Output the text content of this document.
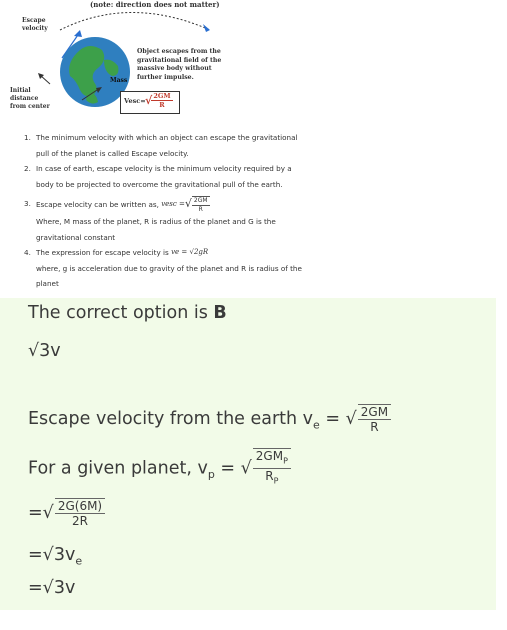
(note: direction does not matter)
Escape
velocity
Initial
distance
from center
Mass
Object escapes from the
gravitational field of the
massive body without
further impulse.
Vesc= √
$\frac{2GM}{R}$
1. The minimum velocity with which an object can escape the gravitational
pull of the planet is called Escape velocity.
2. In case of earth, escape velocity is the minimum velocity required by a
body to be projected to overcome the gravitational pull of the earth.
3. Escape velocity can be written as, vesc =√ $\frac{2GM}{R}$
Where, M mass of the planet, R is radius of the planet and G is the
gravitational constant
4. The expression for escape velocity is ve = √2gR
where, g is acceleration due to gravity of the planet and R is radius of the
planet
The correct option is B
√3v
Escape velocity from the earth $v_e$ = √ $\frac{2GM}{R}$
For a given planet, $v_p$ = √ $\frac{2GM_P}{R_P}$
=√ $\frac{2G(6M)}{2R}$
$=√3v_e$
=√3v
